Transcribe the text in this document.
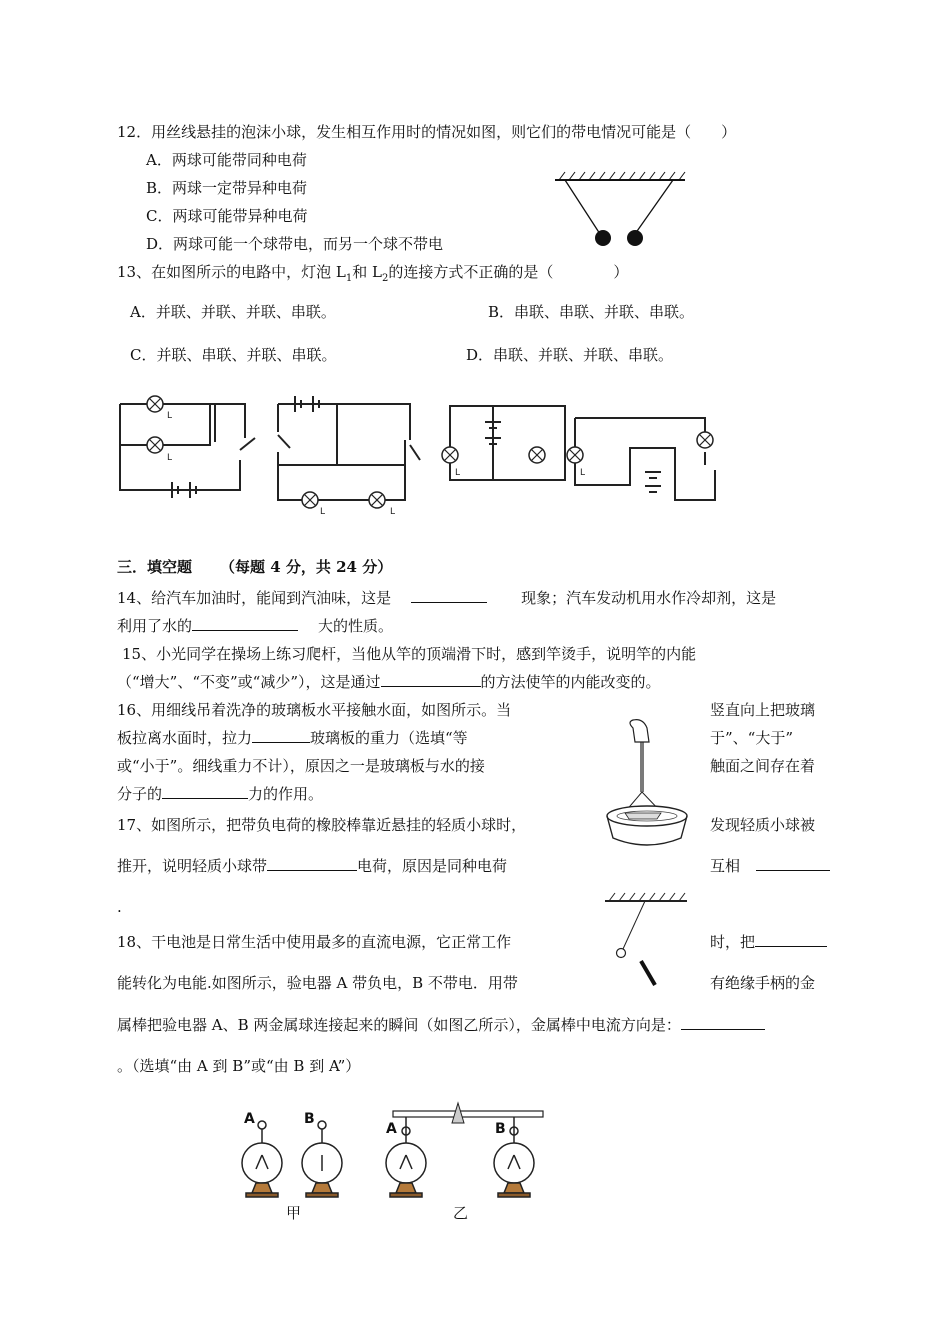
12．用丝线悬挂的泡沫小球，发生相互作用时的情况如图，则它们的带电情况可能是（　　）
A．两球可能带同种电荷
B．两球一定带异种电荷
C．两球可能带异种电荷
D．两球可能一个球带电，而另一个球不带电
13、在如图所示的电路中，灯泡 $L_1$和 $L_2$的连接方式不正确的是（　　　　）
A．并联、并联、并联、串联。	B．串联、串联、并联、串联。
C．并联、串联、并联、串联。	D．串联、并联、并联、串联。
L
L
L	L
L	L
三．填空题 （每题 4 分，共 24 分）
14、给汽车加油时，能闻到汽油味，这是	现象；汽车发动机用水作冷却剂，这是
利用了水的	大的性质。
15、小光同学在操场上练习爬杆，当他从竿的顶端滑下时，感到竿烫手，说明竿的内能
（“增大”、“不变”或“减少”），这是通过	的方法使竿的内能改变的。
16、用细线吊着洗净的玻璃板水平接触水面，如图所示。当	竖直向上把玻璃
板拉离水面时，拉力	玻璃板的重力（选填“等	于”、“大于”
或“小于”。细线重力不计），原因之一是玻璃板与水的接	触面之间存在着
分子的	力的作用。
17、如图所示，把带负电荷的橡胶棒靠近悬挂的轻质小球时，	发现轻质小球被
推开，说明轻质小球带	电荷，原因是同种电荷	互相
.
18、干电池是日常生活中使用最多的直流电源，它正常工作	时，把
能转化为电能.如图所示，验电器 A 带负电，B 不带电．用带	有绝缘手柄的金
属棒把验电器 A、B 两金属球连接起来的瞬间（如图乙所示），金属棒中电流方向是：
。（选填“由 A 到 B”或“由 B 到 A”）
A	B
A	B
甲	乙
